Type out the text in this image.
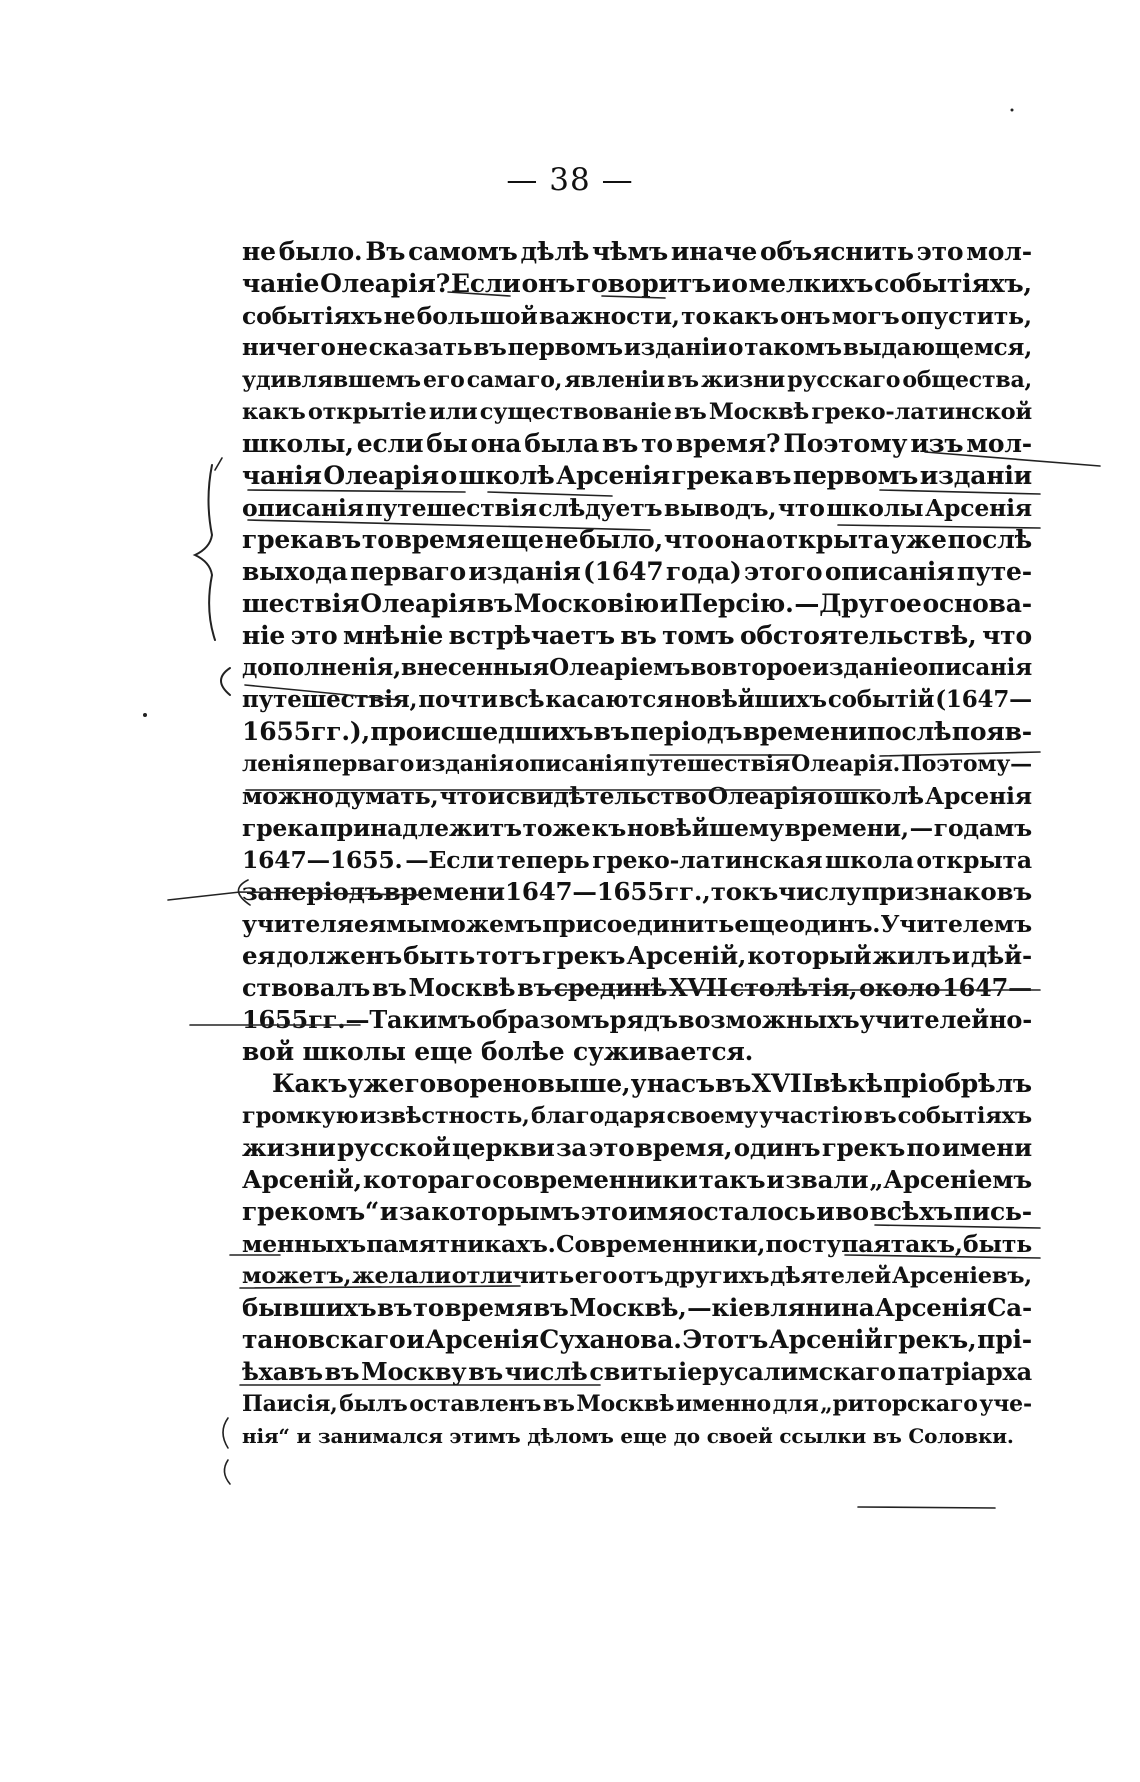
— 38 —
не было. Въ самомъ дѣлѣ чѣмъ иначе объяснить это мол-
чаніе Олеарія? Если онъ говоритъ и о мелкихъ событіяхъ,
событіяхъ не большой важности, то какъ онъ могъ опустить,
ничего не сказать въ первомъ изданіи о такомъ выдающемся,
удивлявшемъ его самаго, явленіи въ жизни русскаго общества,
какъ открытіе или существованіе въ Москвѣ греко-латинской
школы, если бы она была въ то время? Поэтому изъ мол-
чанія Олеарія о школѣ Арсенія грека въ первомъ изданіи
описанія путешествія слѣдуетъ выводъ, что школы Арсенія
грека въ то время еще не было, что она открыта уже послѣ
выхода перваго изданія (1647 года) этого описанія путе-
шествія Олеарія въ Московію и Персію. —Другое основа-
ніе это мнѣніе встрѣчаетъ въ томъ обстоятельствѣ, что
дополненія, внесенныя Олеаріемъ во второе изданіе описанія
путешествія, почти всѣ касаются новѣйшихъ событій (1647—
1655 гг.), происшедшихъ въ періодъ времени послѣ появ-
ленія перваго изданія описанія путешествія Олеарія. Поэтому—
можно думать, что и свидѣтельство Олеарія о школѣ Арсенія
грека принадлежитъ тоже къ новѣйшему времени, — годамъ
1647—1655. —Если теперь греко-латинская школа открыта
за періодъ времени 1647—1655 гг., то къ числу признаковъ
учителя ея мы можемъ присоединить еще одинъ. Учителемъ
ея долженъ быть тотъ грекъ Арсеній, который жилъ и дѣй-
ствовалъ въ Москвѣ въ срединѣ XVII столѣтія, около 1647—
1655 гг. —Такимъ образомъ рядъ возможныхъ учителей но-
вой школы еще болѣе суживается.
Какъ уже говорено выше, у насъ въ XVII вѣкѣ пріобрѣлъ
громкую извѣстность, благодаря своему участію въ событіяхъ
жизни русской церкви за это время, одинъ грекъ по имени
Арсеній, котораго современники такъ и звали „Арсеніемъ
грекомъ“ и за которымъ это имя осталось и во всѣхъ пись-
менныхъ памятникахъ. Современники, поступая такъ, быть
можетъ, желали отличить его отъ другихъ дѣятелей Арсеніевъ,
бывшихъ въ то время въ Москвѣ, —кіевлянина Арсенія Са-
тановскаго и Арсенія Суханова. Этотъ Арсеній грекъ, прі-
ѣхавъ въ Москву въ числѣ свиты іерусалимскаго патріарха
Паисія, былъ оставленъ въ Москвѣ именно для „риторскаго уче-
нія“ и занимался этимъ дѣломъ еще до своей ссылки въ Соловки.
